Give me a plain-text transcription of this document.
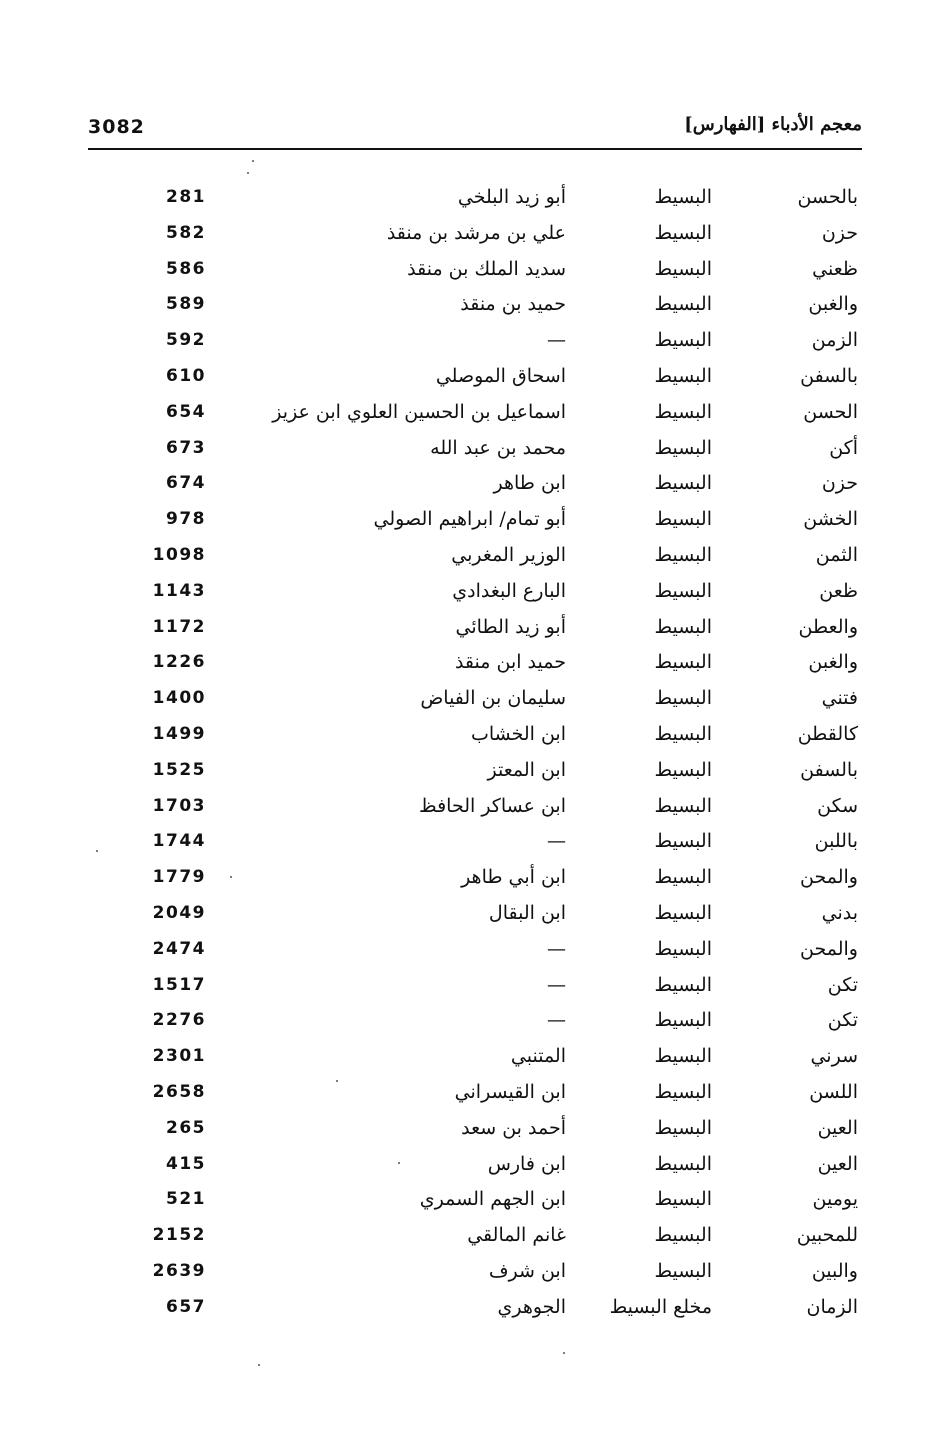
3082	معجم الأدباء [الفهارس]
بالحسن
البسيط
أبو زيد البلخي
281
حزن
البسيط
علي بن مرشد بن منقذ
582
ظعني
البسيط
سديد الملك بن منقذ
586
والغبن
البسيط
حميد بن منقذ
589
الزمن
البسيط
—
592
بالسفن
البسيط
اسحاق الموصلي
610
الحسن
البسيط
اسماعيل بن الحسين العلوي ابن عزيز
654
أكن
البسيط
محمد بن عبد الله
673
حزن
البسيط
ابن طاهر
674
الخشن
البسيط
أبو تمام/ ابراهيم الصولي
978
الثمن
البسيط
الوزير المغربي
1098
ظعن
البسيط
البارع البغدادي
1143
والعطن
البسيط
أبو زيد الطائي
1172
والغبن
البسيط
حميد ابن منقذ
1226
فتني
البسيط
سليمان بن الفياض
1400
كالقطن
البسيط
ابن الخشاب
1499
بالسفن
البسيط
ابن المعتز
1525
سكن
البسيط
ابن عساكر الحافظ
1703
باللبن
البسيط
—
1744
والمحن
البسيط
ابن أبي طاهر
1779
بدني
البسيط
ابن البقال
2049
والمحن
البسيط
—
2474
تكن
البسيط
—
1517
تكن
البسيط
—
2276
سرني
البسيط
المتنبي
2301
اللسن
البسيط
ابن القيسراني
2658
العين
البسيط
أحمد بن سعد
265
العين
البسيط
ابن فارس
415
يومين
البسيط
ابن الجهم السمري
521
للمحبين
البسيط
غانم المالقي
2152
والبين
البسيط
ابن شرف
2639
الزمان
مخلع البسيط
الجوهري
657
